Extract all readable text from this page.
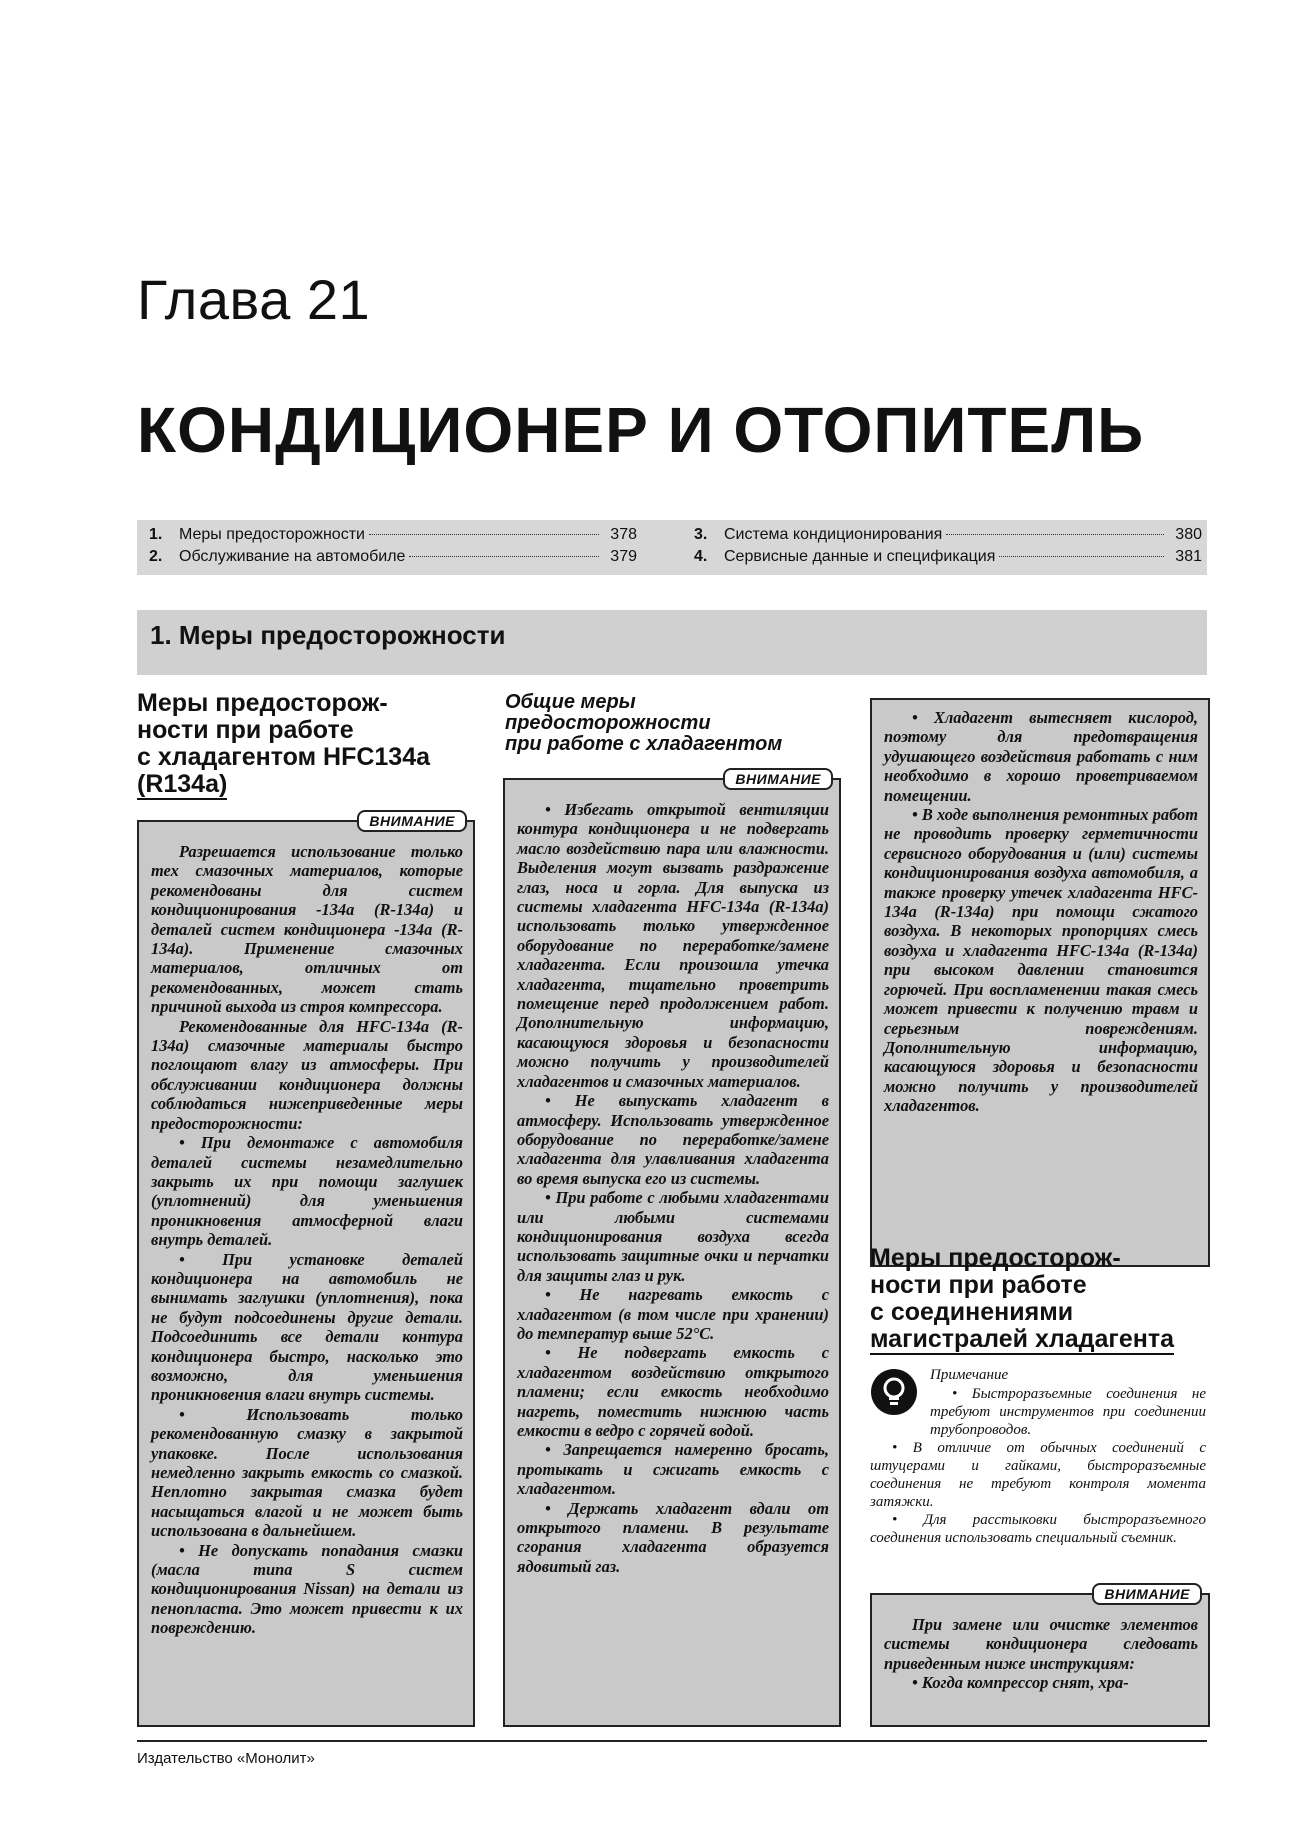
Глава 21
КОНДИЦИОНЕР И ОТОПИТЕЛЬ
1.	Меры предосторожности	378
2.	Обслуживание на автомобиле	379
3.	Система кондиционирования	380
4.	Сервисные данные и спецификация	381
1. Меры предосторожности
Меры предосторож-
ности при работе
с хладагентом HFC134a
(R134a)
ВНИМАНИЕ

Разрешается использование только тех смазочных материалов, которые рекомендованы для систем кондиционирования -134a (R-134a) и деталей систем кондиционера -134a (R-134a). Применение смазочных материалов, отличных от рекомендованных, может стать причиной выхода из строя компрессора.

Рекомендованные для HFC-134a (R-134a) смазочные материалы быстро поглощают влагу из атмосферы. При обслуживании кондиционера должны соблюдаться нижеприведенные меры предосторожности:

• При демонтаже с автомобиля деталей системы незамедлительно закрыть их при помощи заглушек (уплотнений) для уменьшения проникновения атмосферной влаги внутрь деталей.

• При установке деталей кондиционера на автомобиль не вынимать заглушки (уплотнения), пока не будут подсоединены другие детали. Подсоединить все детали контура кондиционера быстро, насколько это возможно, для уменьшения проникновения влаги внутрь системы.

• Использовать только рекомендованную смазку в закрытой упаковке. После использования немедленно закрыть емкость со смазкой. Неплотно закрытая смазка будет насыщаться влагой и не может быть использована в дальнейшем.

• Не допускать попадания смазки (масла типа S систем кондиционирования Nissan) на детали из пенопласта. Это может привести к их повреждению.

Общие меры
предосторожности
при работе с хладагентом
ВНИМАНИЕ

• Избегать открытой вентиляции контура кондиционера и не подвергать масло воздействию пара или влажности. Выделения могут вызвать раздражение глаз, носа и горла. Для выпуска из системы хладагента HFC-134a (R-134a) использовать только утвержденное оборудование по переработке/замене хладагента. Если произошла утечка хладагента, тщательно проветрить помещение перед продолжением работ. Дополнительную информацию, касающуюся здоровья и безопасности можно получить у производителей хладагентов и смазочных материалов.

• Не выпускать хладагент в атмосферу. Использовать утвержденное оборудование по переработке/замене хладагента для улавливания хладагента во время выпуска его из системы.

• При работе с любыми хладагентами или любыми системами кондиционирования воздуха всегда использовать защитные очки и перчатки для защиты глаз и рук.

• Не нагревать емкость с хладагентом (в том числе при хранении) до температур выше 52°С.

• Не подвергать емкость с хладагентом воздействию открытого пламени; если емкость необходимо нагреть, поместить нижнюю часть емкости в ведро с горячей водой.

• Запрещается намеренно бросать, протыкать и сжигать емкость с хладагентом.

• Держать хладагент вдали от открытого пламени. В результате сгорания хладагента образуется ядовитый газ.

• Хладагент вытесняет кислород, поэтому для предотвращения удушающего воздействия работать с ним необходимо в хорошо проветриваемом помещении.

• В ходе выполнения ремонтных работ не проводить проверку герметичности сервисного оборудования и (или) системы кондиционирования воздуха автомобиля, а также проверку утечек хладагента HFC-134a (R-134a) при помощи сжатого воздуха. В некоторых пропорциях смесь воздуха и хладагента HFC-134a (R-134a) при высоком давлении становится горючей. При воспламенении такая смесь может привести к получению травм и серьезным повреждениям. Дополнительную информацию, касающуюся здоровья и безопасности можно получить у производителей хладагентов.

Меры предосторож-
ности при работе
с соединениями
магистралей хладагента
Примечание

• Быстроразъемные соединения не требуют инструментов при соединении трубопроводов.

• В отличие от обычных соединений с штуцерами и гайками, быстроразъемные соединения не требуют контроля момента затяжки.

• Для расстыковки быстроразъемного соединения использовать специальный съемник.

ВНИМАНИЕ

При замене или очистке элементов системы кондиционера следовать приведенным ниже инструкциям:

• Когда компрессор снят, хра-

Издательство «Монолит»
